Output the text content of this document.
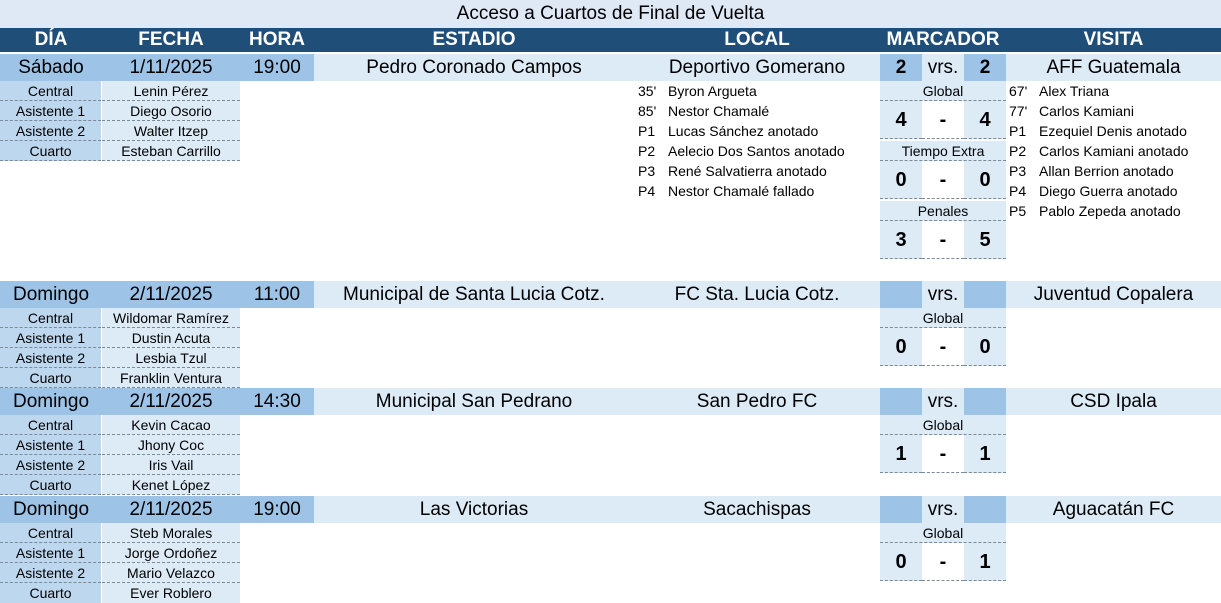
Acceso a Cuartos de Final de Vuelta
DÍA	FECHA	HORA	ESTADIO	LOCAL	MARCADOR	VISITA
Sábado	1/11/2025	19:00	Pedro Coronado Campos	Deportivo Gomerano	2	vrs.	2	AFF Guatemala
Central	Lenin Pérez
Asistente 1	Diego Osorio
Asistente 2	Walter Itzep
Cuarto	Esteban Carrillo
35' Byron Argueta
85' Nestor Chamalé
P1 Lucas Sánchez anotado
P2 Aelecio Dos Santos anotado
P3 René Salvatierra anotado
P4 Nestor Chamalé fallado
67' Alex Triana
77' Carlos Kamiani
P1 Ezequiel Denis anotado
P2 Carlos Kamiani anotado
P3 Allan Berrion anotado
P4 Diego Guerra anotado
P5 Pablo Zepeda anotado
Global
4	-	4
Tiempo Extra
0	-	0
Penales
3	-	5
Domingo	2/11/2025	11:00	Municipal de Santa Lucia Cotz.	FC Sta. Lucia Cotz.	vrs.	Juventud Copalera
Central	Wildomar Ramírez
Asistente 1	Dustin Acuta
Asistente 2	Lesbia Tzul
Cuarto	Franklin Ventura
Global
0	-	0
Domingo	2/11/2025	14:30	Municipal San Pedrano	San Pedro FC	vrs.	CSD Ipala
Central	Kevin Cacao
Asistente 1	Jhony Coc
Asistente 2	Iris Vail
Cuarto	Kenet López
Global
1	-	1
Domingo	2/11/2025	19:00	Las Victorias	Sacachispas	vrs.	Aguacatán FC
Central	Steb Morales
Asistente 1	Jorge Ordoñez
Asistente 2	Mario Velazco
Cuarto	Ever Roblero
Global
0	-	1
